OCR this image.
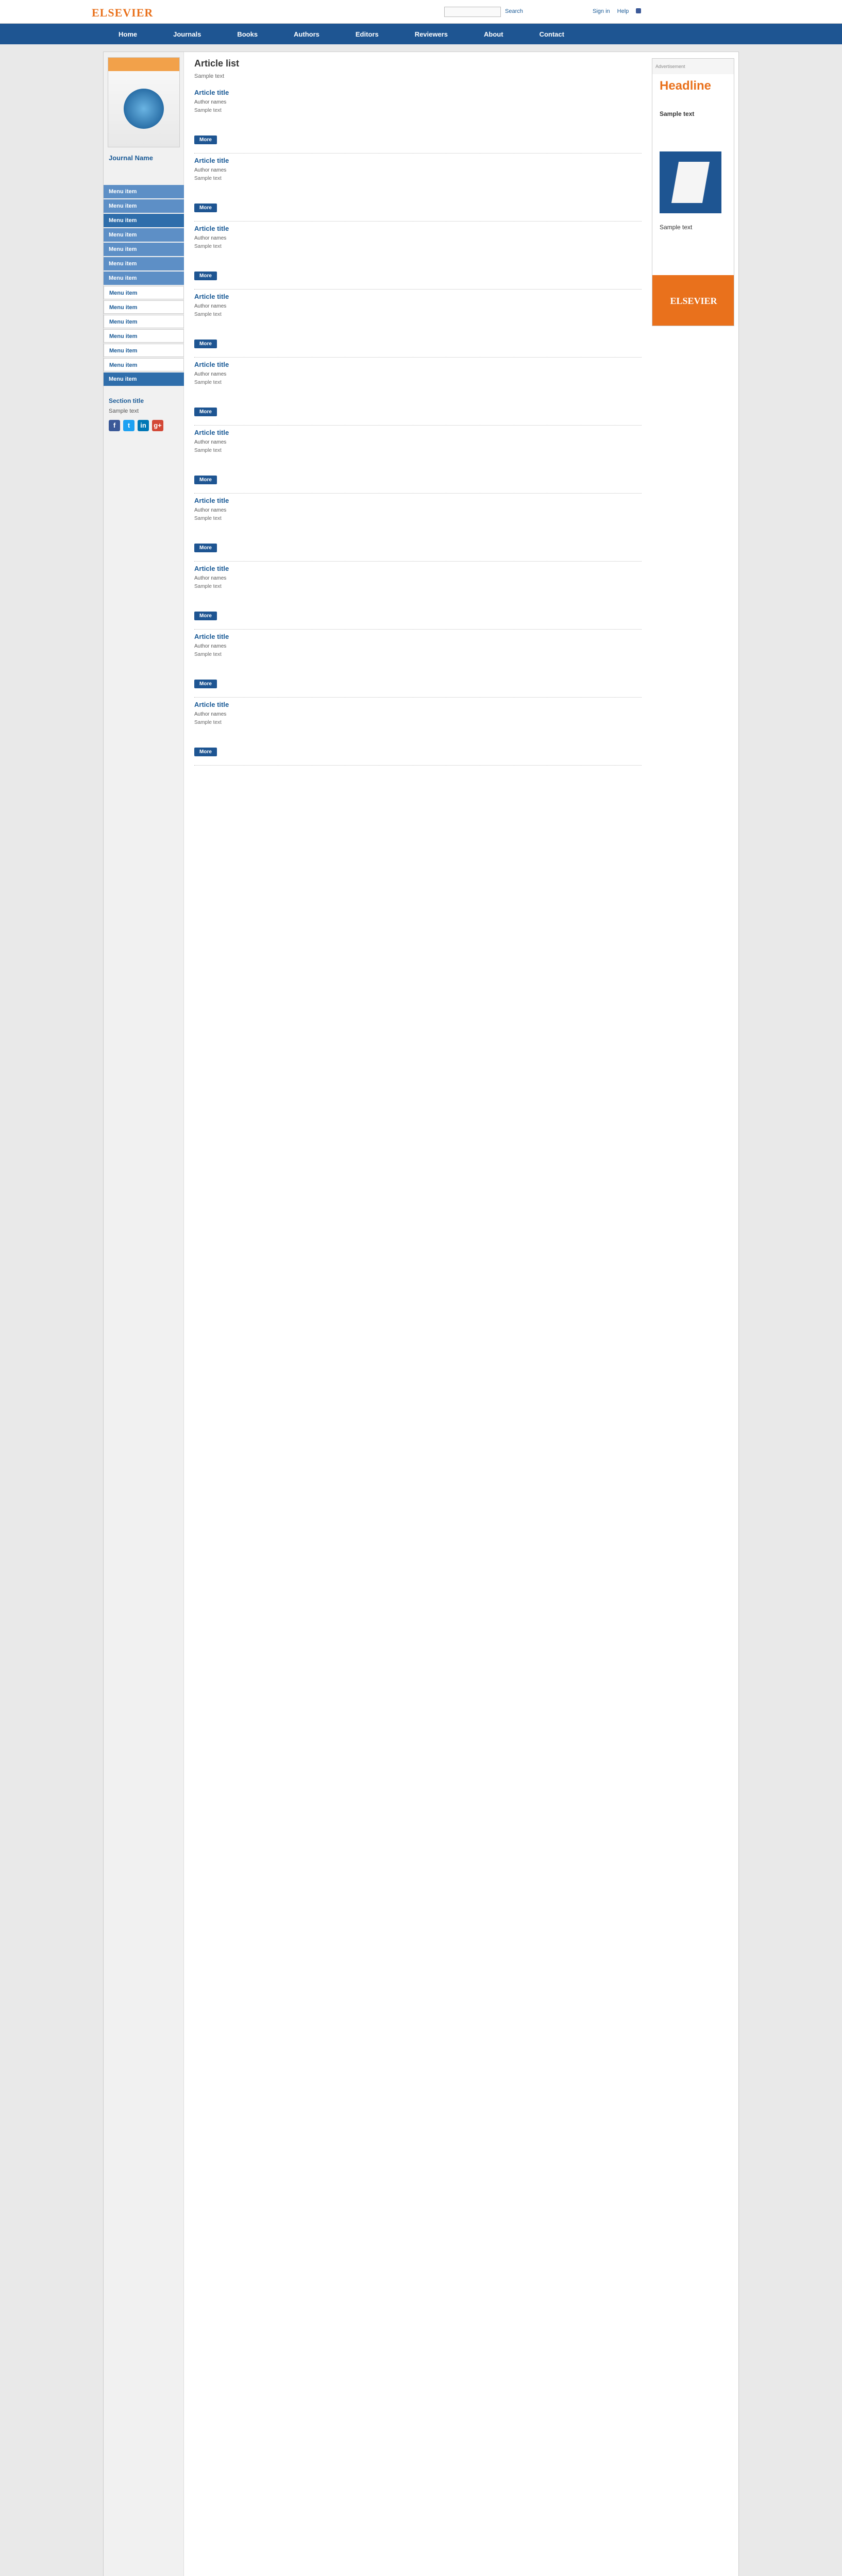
ELSEVIER	Search	Sign in Help
Home	Journals	Books	Authors	Editors	Reviewers	About	Contact
Journal Name
Menu item
Menu item
Menu item
Menu item
Menu item
Menu item
Menu item
Menu item
Menu item
Menu item
Menu item
Menu item
Menu item
Menu item
Section title
Sample text
f	t	in	g+
Article list
Sample text
Article title
Author names
Sample text
More
Article title
Author names
Sample text
More
Article title
Author names
Sample text
More
Article title
Author names
Sample text
More
Article title
Author names
Sample text
More
Article title
Author names
Sample text
More
Article title
Author names
Sample text
More
Article title
Author names
Sample text
More
Article title
Author names
Sample text
More
Article title
Author names
Sample text
More
Advertisement
Headline
Sample text
Sample text
ELSEVIER
